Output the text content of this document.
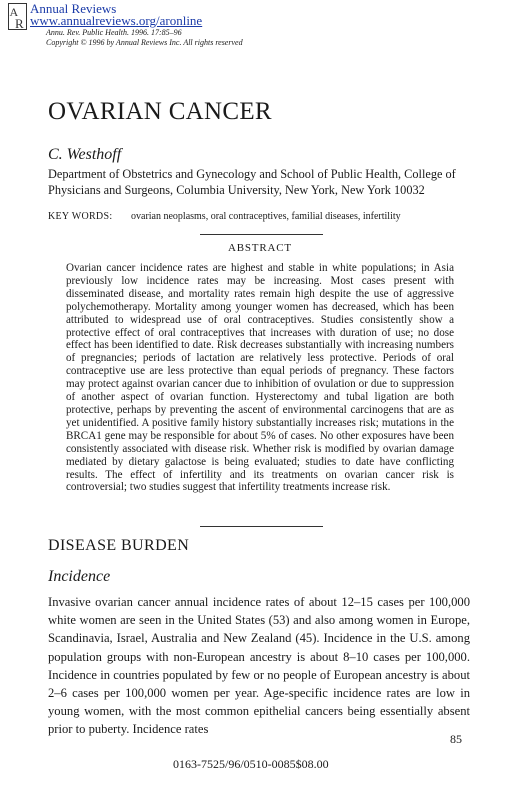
A
R
Annual Reviews
www.annualreviews.org/aronline
Annu. Rev. Public Health. 1996. 17:85–96
Copyright © 1996 by Annual Reviews Inc. All rights reserved
OVARIAN CANCER
C. Westhoff
Department of Obstetrics and Gynecology and School of Public Health, College of Physicians and Surgeons, Columbia University, New York, New York 10032
KEY WORDS: ovarian neoplasms, oral contraceptives, familial diseases, infertility
ABSTRACT
Ovarian cancer incidence rates are highest and stable in white populations; in Asia previously low incidence rates may be increasing. Most cases present with disseminated disease, and mortality rates remain high despite the use of aggressive polychemotherapy. Mortality among younger women has decreased, which has been attributed to widespread use of oral contraceptives. Studies consistently show a protective effect of oral contraceptives that increases with duration of use; no dose effect has been identified to date. Risk decreases substantially with increasing numbers of pregnancies; periods of lactation are relatively less protective. Periods of oral contraceptive use are less protective than equal periods of pregnancy. These factors may protect against ovarian cancer due to inhibition of ovulation or due to suppression of another aspect of ovarian function. Hysterectomy and tubal ligation are both protective, perhaps by preventing the ascent of environmental carcinogens that are as yet unidentified. A positive family history substantially increases risk; mutations in the BRCA1 gene may be responsible for about 5% of cases. No other exposures have been consistently associated with disease risk. Whether risk is modified by ovarian damage mediated by dietary galactose is being evaluated; studies to date have conflicting results. The effect of infertility and its treatments on ovarian cancer risk is controversial; two studies suggest that infertility treatments increase risk.
DISEASE BURDEN
Incidence
Invasive ovarian cancer annual incidence rates of about 12–15 cases per 100,000 white women are seen in the United States (53) and also among women in Europe, Scandinavia, Israel, Australia and New Zealand (45). Incidence in the U.S. among population groups with non-European ancestry is about 8–10 cases per 100,000. Incidence in countries populated by few or no people of European ancestry is about 2–6 cases per 100,000 women per year. Age-specific incidence rates are low in young women, with the most common epithelial cancers being essentially absent prior to puberty. Incidence rates
85
0163-7525/96/0510-0085$08.00
